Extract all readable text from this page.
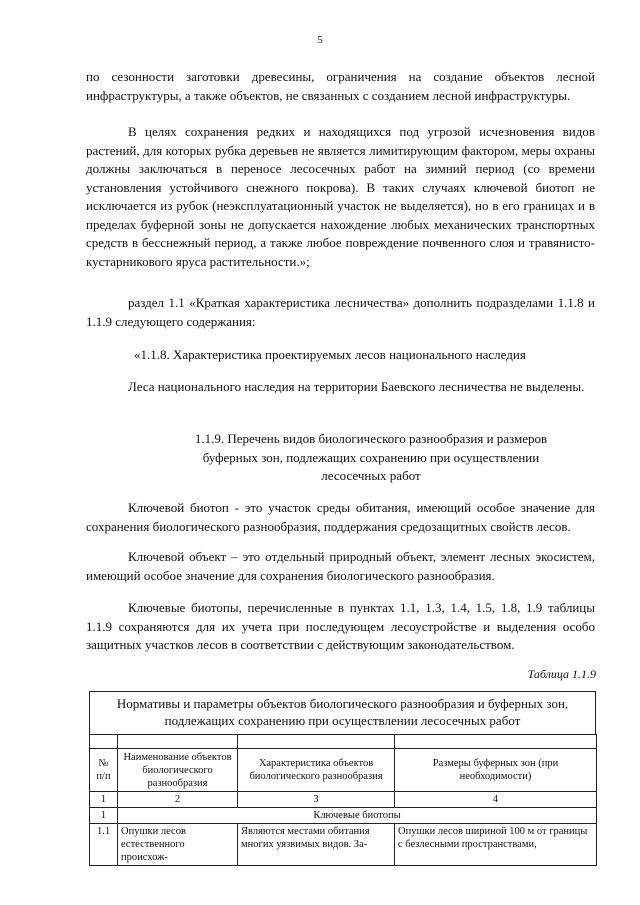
5

по сезонности заготовки древесины, ограничения на создание объектов лесной инфраструктуры, а также объектов, не связанных с созданием лесной инфраструктуры.

В целях сохранения редких и находящихся под угрозой исчезновения видов растений, для которых рубка деревьев не является лимитирующим фактором, меры охраны должны заключаться в переносе лесосечных работ на зимний период (со времени установления устойчивого снежного покрова). В таких случаях ключевой биотоп не исключается из рубок (неэксплуатационный участок не выделяется), но в его границах и в пределах буферной зоны не допускается нахождение любых механических транспортных средств в бесснежный период, а также любое повреждение почвенного слоя и травянисто-кустарникового яруса растительности.»;

раздел 1.1 «Краткая характеристика лесничества» дополнить подразделами 1.1.8 и 1.1.9 следующего содержания:

«1.1.8. Характеристика проектируемых лесов национального наследия

Леса национального наследия на территории Баевского лесничества не выделены.

1.1.9. Перечень видов биологического разнообразия и размеров буферных зон, подлежащих сохранению при осуществлении лесосечных работ

Ключевой биотоп - это участок среды обитания, имеющий особое значение для сохранения биологического разнообразия, поддержания средозащитных свойств лесов.

Ключевой объект – это отдельный природный объект, элемент лесных экосистем, имеющий особое значение для сохранения биологического разнообразия.

Ключевые биотопы, перечисленные в пунктах 1.1, 1.3, 1.4, 1.5, 1.8, 1.9 таблицы 1.1.9 сохраняются для их учета при последующем лесоустройстве и выделения особо защитных участков лесов в соответствии с действующим законодательством.

Таблица 1.1.9
Нормативы и параметры объектов биологического разнообразия и буферных зон, подлежащих сохранению при осуществлении лесосечных работ

№ п/п	Наименование объектов биологического разнообразия	Характеристика объектов биологического разнообразия	Размеры буферных зон (при необходимости)
1	2	3	4
1	Ключевые биотопы		
1.1	Опушки лесов естественного происхож-	Являются местами обитания многих уязвимых видов. За-	Опушки лесов шириной 100 м от границы с безлесными пространствами,
